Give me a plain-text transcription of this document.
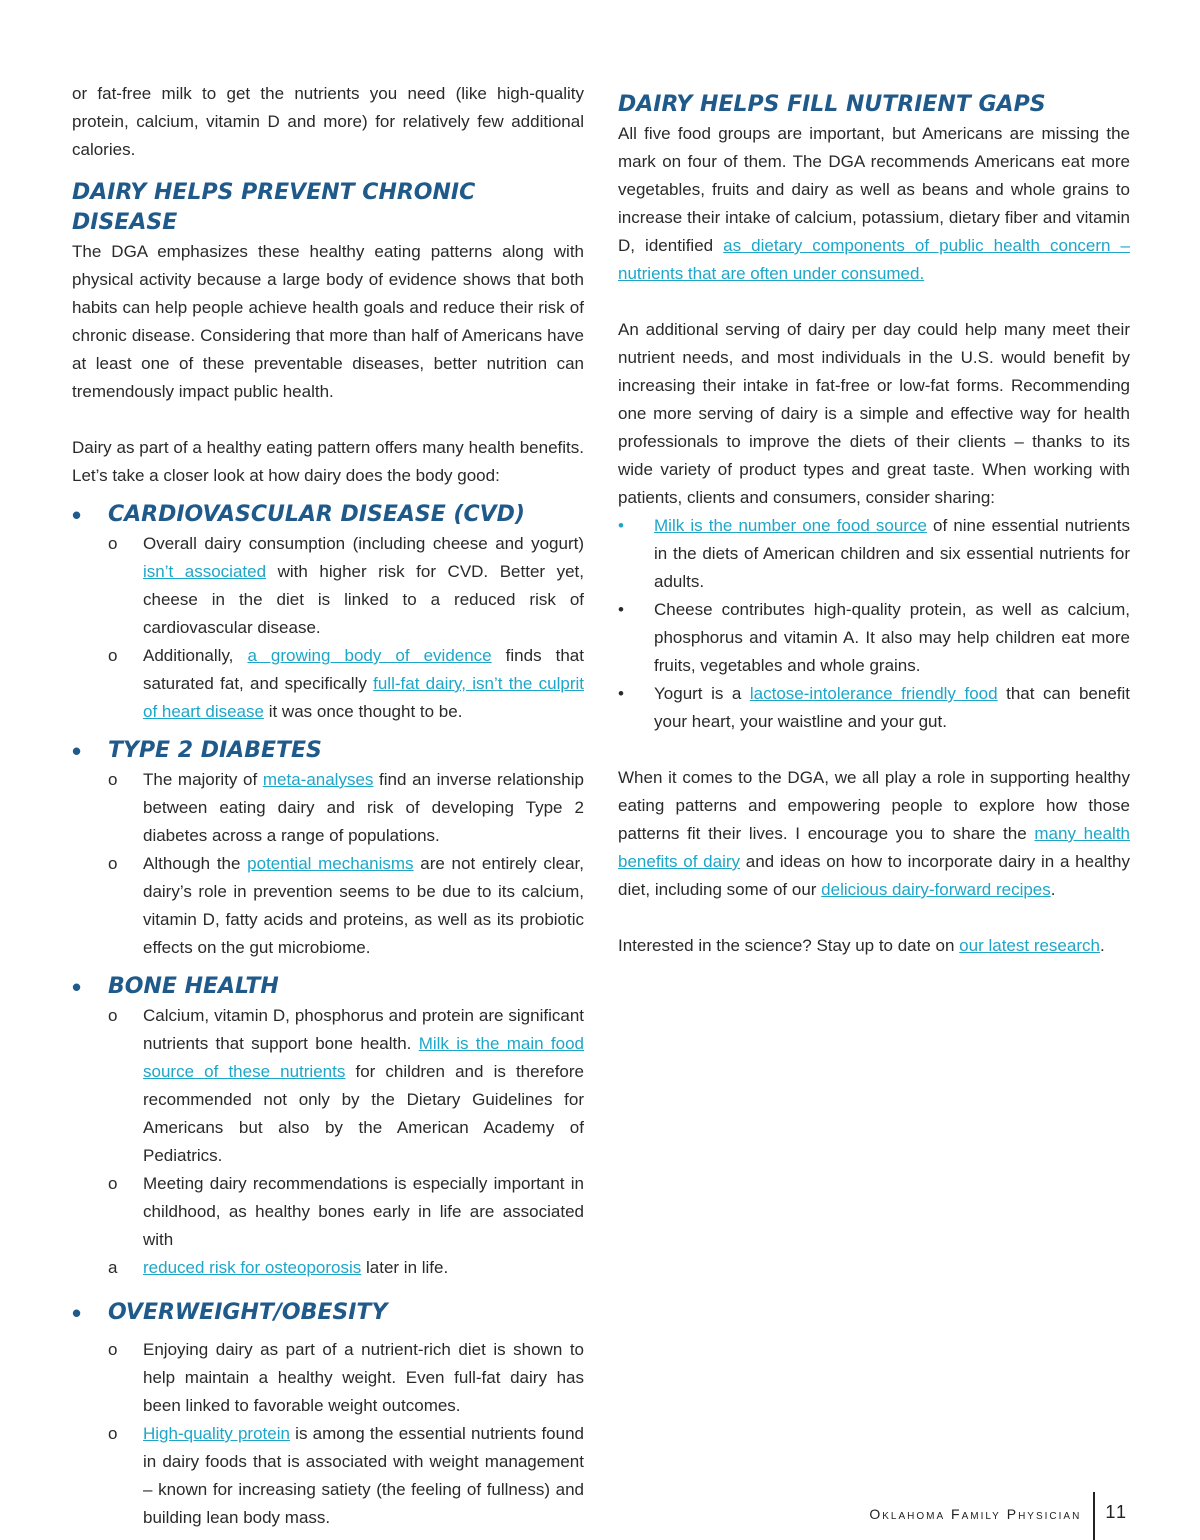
or fat-free milk to get the nutrients you need (like high-quality protein, calcium, vitamin D and more) for relatively few additional calories.

DAIRY HELPS PREVENT CHRONIC DISEASE

The DGA emphasizes these healthy eating patterns along with physical activity because a large body of evidence shows that both habits can help people achieve health goals and reduce their risk of chronic disease. Considering that more than half of Americans have at least one of these preventable diseases, better nutrition can tremendously impact public health.

Dairy as part of a healthy eating pattern offers many health benefits. Let’s take a closer look at how dairy does the body good:

•	CARDIOVASCULAR DISEASE (CVD)
o Overall dairy consumption (including cheese and yogurt) isn’t associated with higher risk for CVD. Better yet, cheese in the diet is linked to a reduced risk of cardiovascular disease.
o Additionally, a growing body of evidence finds that saturated fat, and specifically full-fat dairy, isn’t the culprit of heart disease it was once thought to be.
•	TYPE 2 DIABETES
o The majority of meta-analyses find an inverse relationship between eating dairy and risk of developing Type 2 diabetes across a range of populations.
o Although the potential mechanisms are not entirely clear, dairy’s role in prevention seems to be due to its calcium, vitamin D, fatty acids and proteins, as well as its probiotic effects on the gut microbiome.
•	BONE HEALTH
o Calcium, vitamin D, phosphorus and protein are significant nutrients that support bone health. Milk is the main food source of these nutrients for children and is therefore recommended not only by the Dietary Guidelines for Americans but also by the American Academy of Pediatrics.
o Meeting dairy recommendations is especially important in childhood, as healthy bones early in life are associated with
a reduced risk for osteoporosis later in life.
•	OVERWEIGHT/OBESITY
o Enjoying dairy as part of a nutrient-rich diet is shown to help maintain a healthy weight. Even full-fat dairy has been linked to favorable weight outcomes.
o High-quality protein is among the essential nutrients found in dairy foods that is associated with weight management – known for increasing satiety (the feeling of fullness) and building lean body mass.
DAIRY HELPS FILL NUTRIENT GAPS

All five food groups are important, but Americans are missing the mark on four of them. The DGA recommends Americans eat more vegetables, fruits and dairy as well as beans and whole grains to increase their intake of calcium, potassium, dietary fiber and vitamin D, identified as dietary components of public health concern – nutrients that are often under consumed.

An additional serving of dairy per day could help many meet their nutrient needs, and most individuals in the U.S. would benefit by increasing their intake in fat-free or low-fat forms. Recommending one more serving of dairy is a simple and effective way for health professionals to improve the diets of their clients – thanks to its wide variety of product types and great taste. When working with patients, clients and consumers, consider sharing:

• Milk is the number one food source of nine essential nutrients in the diets of American children and six essential nutrients for adults.
• Cheese contributes high-quality protein, as well as calcium, phosphorus and vitamin A. It also may help children eat more fruits, vegetables and whole grains.
• Yogurt is a lactose-intolerance friendly food that can benefit your heart, your waistline and your gut.

When it comes to the DGA, we all play a role in supporting healthy eating patterns and empowering people to explore how those patterns fit their lives. I encourage you to share the many health benefits of dairy and ideas on how to incorporate dairy in a healthy diet, including some of our delicious dairy-forward recipes.

Interested in the science? Stay up to date on our latest research.

Oklahoma Family Physician 11
